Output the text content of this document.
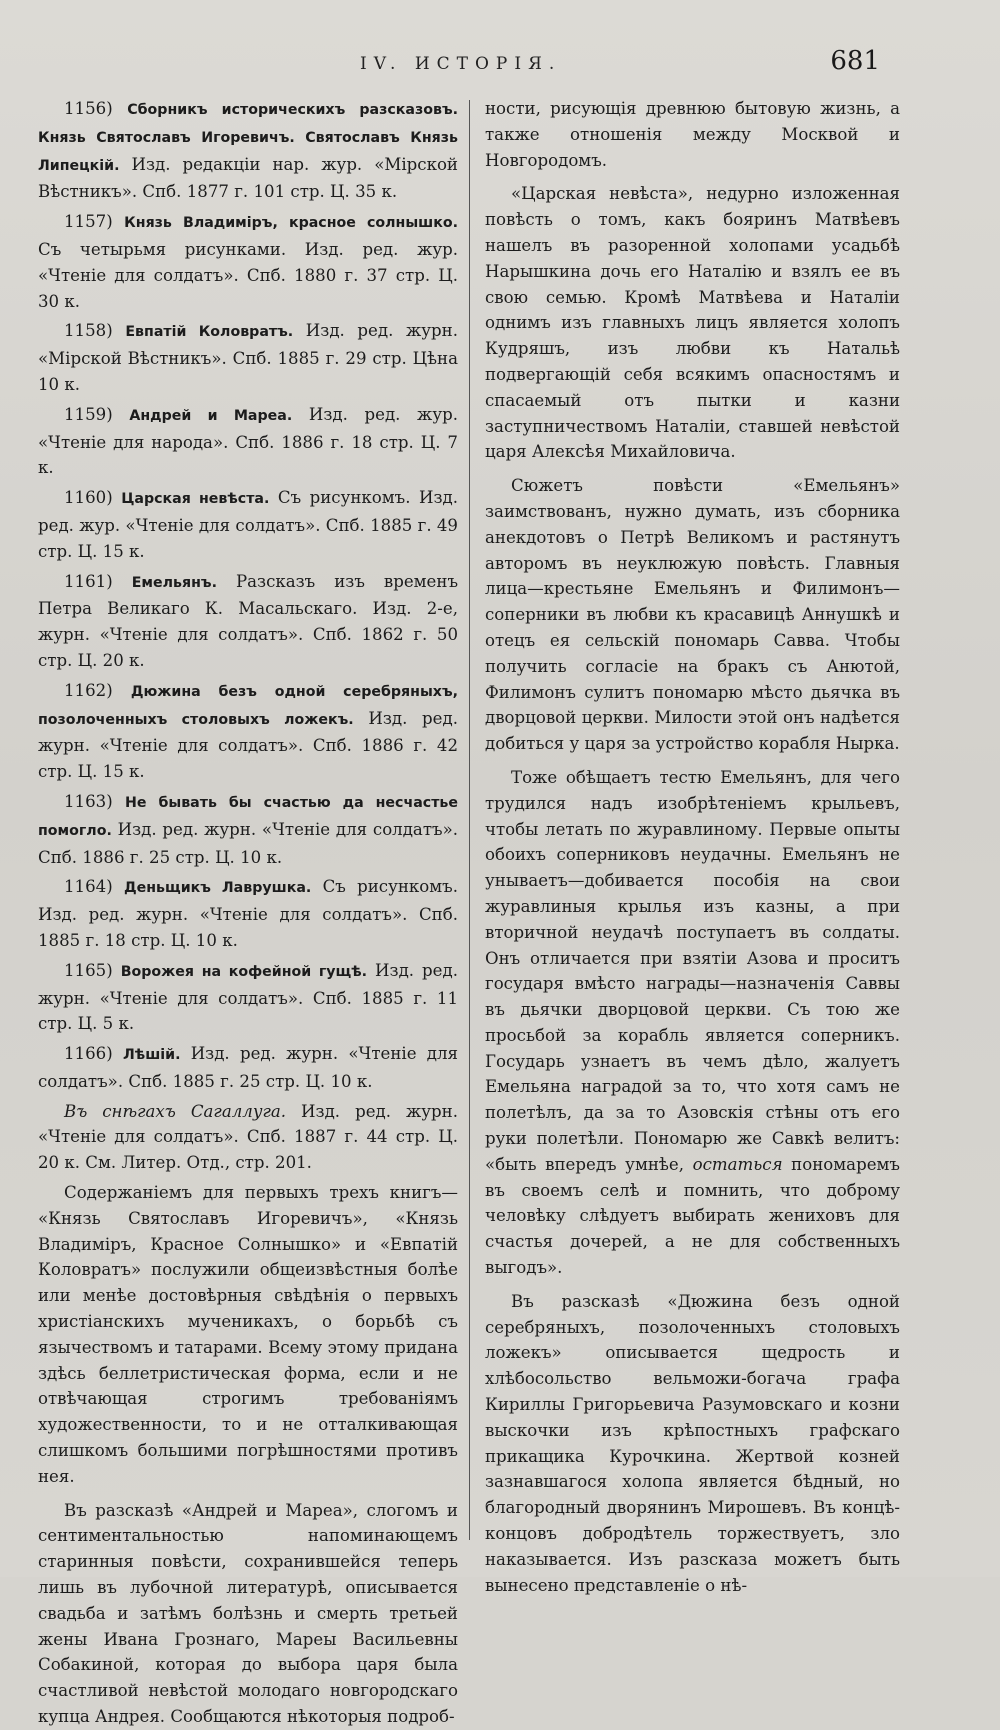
IV. ИСТОРІЯ.	681

1156) Сборникъ историческихъ разсказовъ. Князь Святославъ Игоревичъ. Святославъ Князь Липецкій. Изд. редакціи нар. жур. «Мірской Вѣстникъ». Спб. 1877 г. 101 стр. Ц. 35 к.

1157) Князь Владиміръ, красное солнышко. Съ четырьмя рисунками. Изд. ред. жур. «Чтеніе для солдатъ». Спб. 1880 г. 37 стр. Ц. 30 к.

1158) Евпатій Коловратъ. Изд. ред. журн. «Мірской Вѣстникъ». Спб. 1885 г. 29 стр. Цѣна 10 к.

1159) Андрей и Мареа. Изд. ред. жур. «Чтеніе для народа». Спб. 1886 г. 18 стр. Ц. 7 к.

1160) Царская невѣста. Съ рисункомъ. Изд. ред. жур. «Чтеніе для солдатъ». Спб. 1885 г. 49 стр. Ц. 15 к.

1161) Емельянъ. Разсказъ изъ временъ Петра Великаго К. Масальскаго. Изд. 2-е, журн. «Чтеніе для солдатъ». Спб. 1862 г. 50 стр. Ц. 20 к.

1162) Дюжина безъ одной серебряныхъ, позолоченныхъ столовыхъ ложекъ. Изд. ред. журн. «Чтеніе для солдатъ». Спб. 1886 г. 42 стр. Ц. 15 к.

1163) Не бывать бы счастью да несчастье помогло. Изд. ред. журн. «Чтеніе для солдатъ». Спб. 1886 г. 25 стр. Ц. 10 к.

1164) Деньщикъ Лаврушка. Съ рисункомъ. Изд. ред. журн. «Чтеніе для солдатъ». Спб. 1885 г. 18 стр. Ц. 10 к.

1165) Ворожея на кофейной гущѣ. Изд. ред. журн. «Чтеніе для солдатъ». Спб. 1885 г. 11 стр. Ц. 5 к.

1166) Лѣшій. Изд. ред. журн. «Чтеніе для солдатъ». Спб. 1885 г. 25 стр. Ц. 10 к.

Въ снѣгахъ Сагаллуга. Изд. ред. журн. «Чтеніе для солдатъ». Спб. 1887 г. 44 стр. Ц. 20 к. См. Литер. Отд., стр. 201.

Содержаніемъ для первыхъ трехъ книгъ— «Князь Святославъ Игоревичъ», «Князь Владиміръ, Красное Солнышко» и «Евпатій Коловратъ» послужили общеизвѣстныя болѣе или менѣе достовѣрныя свѣдѣнія о первыхъ христіанскихъ мученикахъ, о борьбѣ съ язычествомъ и татарами. Всему этому придана здѣсь беллетристическая форма, если и не отвѣчающая строгимъ требованіямъ художественности, то и не отталкивающая слишкомъ большими погрѣшностями противъ нея.

Въ разсказѣ «Андрей и Мареа», слогомъ и сентиментальностью напоминающемъ старинныя повѣсти, сохранившейся теперь лишь въ лубочной литературѣ, описывается свадьба и затѣмъ болѣзнь и смерть третьей жены Ивана Грознаго, Мареы Васильевны Собакиной, которая до выбора царя была счастливой невѣстой молодаго новгородскаго купца Андрея. Сообщаются нѣкоторыя подроб-

ности, рисующія древнюю бытовую жизнь, а также отношенія между Москвой и Новгородомъ.

«Царская невѣста», недурно изложенная повѣсть о томъ, какъ бояринъ Матвѣевъ нашелъ въ разоренной холопами усадьбѣ Нарышкина дочь его Наталію и взялъ ее въ свою семью. Кромѣ Матвѣева и Наталіи однимъ изъ главныхъ лицъ является холопъ Кудряшъ, изъ любви къ Натальѣ подвергающій себя всякимъ опасностямъ и спасаемый отъ пытки и казни заступничествомъ Наталіи, ставшей невѣстой царя Алексѣя Михайловича.

Сюжетъ повѣсти «Емельянъ» заимствованъ, нужно думать, изъ сборника анекдотовъ о Петрѣ Великомъ и растянутъ авторомъ въ неуклюжую повѣсть. Главныя лица—крестьяне Емельянъ и Филимонъ—соперники въ любви къ красавицѣ Аннушкѣ и отецъ ея сельскій пономарь Савва. Чтобы получить согласіе на бракъ съ Анютой, Филимонъ сулитъ пономарю мѣсто дьячка въ дворцовой церкви. Милости этой онъ надѣется добиться у царя за устройство корабля Нырка.

Тоже обѣщаетъ тестю Емельянъ, для чего трудился надъ изобрѣтеніемъ крыльевъ, чтобы летать по журавлиному. Первые опыты обоихъ соперниковъ неудачны. Емельянъ не унываетъ—добивается пособія на свои журавлиныя крылья изъ казны, а при вторичной неудачѣ поступаетъ въ солдаты. Онъ отличается при взятіи Азова и проситъ государя вмѣсто награды—назначенія Саввы въ дьячки дворцовой церкви. Съ тою же просьбой за корабль является соперникъ. Государь узнаетъ въ чемъ дѣло, жалуетъ Емельяна наградой за то, что хотя самъ не полетѣлъ, да за то Азовскія стѣны отъ его руки полетѣли. Пономарю же Савкѣ велитъ: «быть впередъ умнѣе, остаться пономаремъ въ своемъ селѣ и помнить, что доброму человѣку слѣдуетъ выбирать жениховъ для счастья дочерей, а не для собственныхъ выгодъ».

Въ разсказѣ «Дюжина безъ одной серебряныхъ, позолоченныхъ столовыхъ ложекъ» описывается щедрость и хлѣбосольство вельможи-богача графа Кириллы Григорьевича Разумовскаго и козни выскочки изъ крѣпостныхъ графскаго прикащика Курочкина. Жертвой козней зазнавшагося холопа является бѣдный, но благородный дворянинъ Мирошевъ. Въ концѣ-концовъ добродѣтель торжествуетъ, зло наказывается. Изъ разсказа можетъ быть вынесено представленіе о нѣ-
